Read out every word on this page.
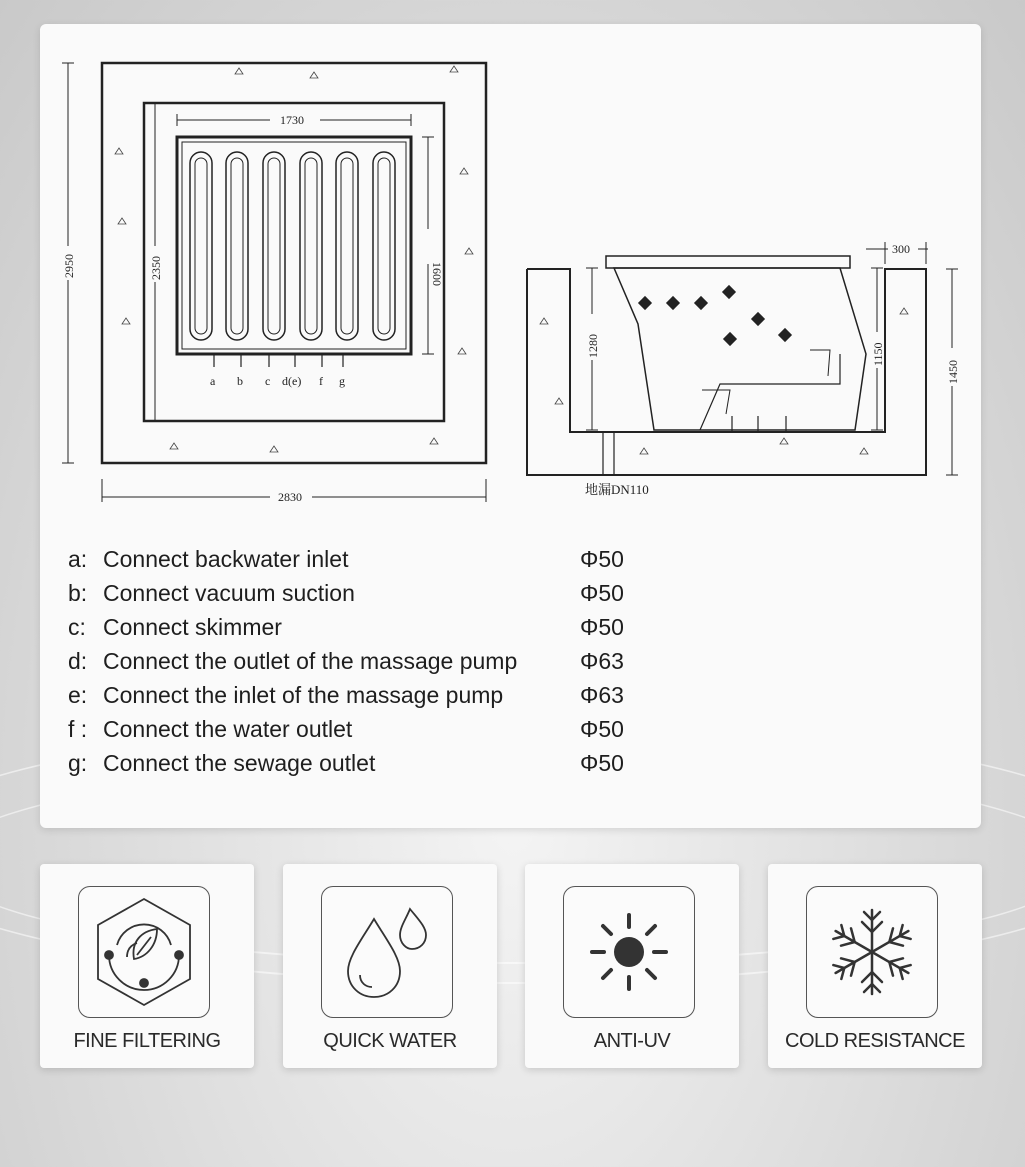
a b c d(e) f g
1730
2950	2350	1600
2830
300
1280	1150
1450
地漏DN110
a: Connect backwater inlet	Φ50
b: Connect vacuum suction	Φ50
c: Connect skimmer	Φ50
d: Connect the outlet of the massage pump	Φ63
e: Connect the inlet of the massage pump	Φ63
f : Connect the water outlet	Φ50
g: Connect the sewage outlet	Φ50
FINE FILTERING	QUICK WATER	ANTI-UV	COLD RESISTANCE
